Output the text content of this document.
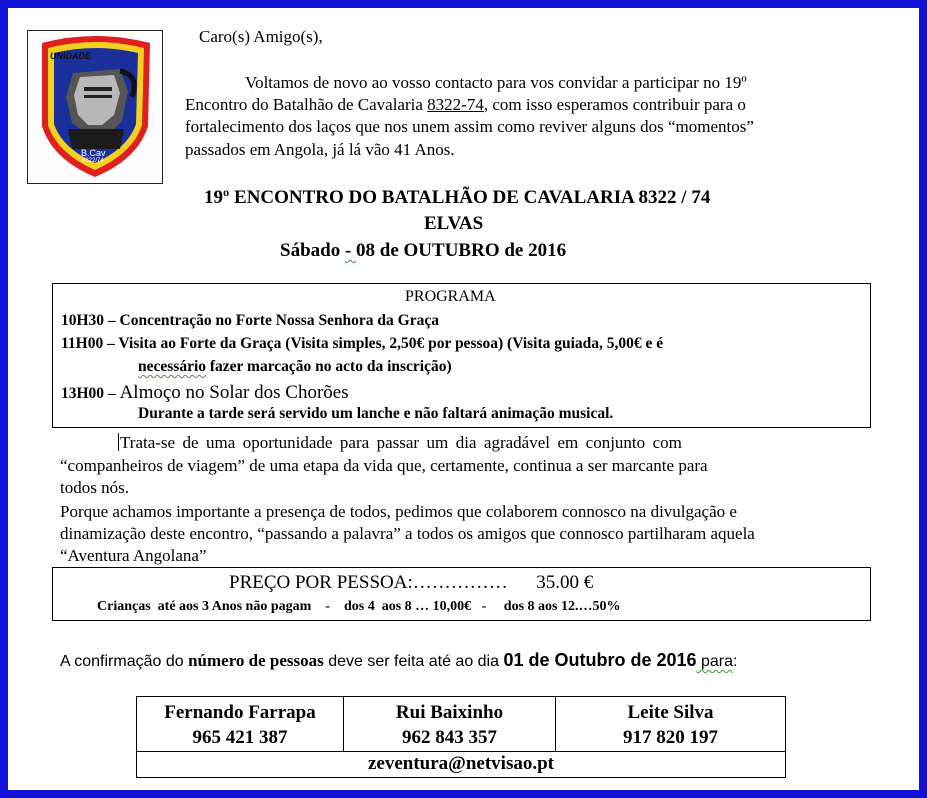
UNIDADE
B.Cav
8322/74
Caro(s) Amigo(s),
Voltamos de novo ao vosso contacto para vos convidar a participar no 19º
Encontro do Batalhão de Cavalaria 8322-74, com isso esperamos contribuir para o
fortalecimento dos laços que nos unem assim como reviver alguns dos “momentos”
passados em Angola, já lá vão 41 Anos.
19º ENCONTRO DO BATALHÃO DE CAVALARIA 8322 / 74
ELVAS
Sábado - 08 de OUTUBRO de 2016
PROGRAMA
10H30 – Concentração no Forte Nossa Senhora da Graça
11H00 – Visita ao Forte da Graça (Visita simples, 2,50€ por pessoa) (Visita guiada, 5,00€ e é
necessário fazer marcação no acto da inscrição)
13H00 – Almoço no Solar dos Chorões
Durante a tarde será servido um lanche e não faltará animação musical.
Trata-se de uma oportunidade para passar um dia agradável em conjunto com
“companheiros de viagem” de uma etapa da vida que, certamente, continua a ser marcante para
todos nós.
Porque achamos importante a presença de todos, pedimos que colaborem connosco na divulgação e
dinamização deste encontro, “passando a palavra” a todos os amigos que connosco partilharam aquela
“Aventura Angolana”
PREÇO POR PESSOA:……………      35.00 €
Crianças  até aos 3 Anos não pagam    -    dos 4  aos 8 … 10,00€   -     dos 8 aos 12.…50%
A confirmação do número de pessoas deve ser feita até ao dia 01 de Outubro de 2016 para:
Fernando Farrapa
965 421 387
Rui Baixinho
962 843 357
Leite Silva
917 820 197
zeventura@netvisao.pt
